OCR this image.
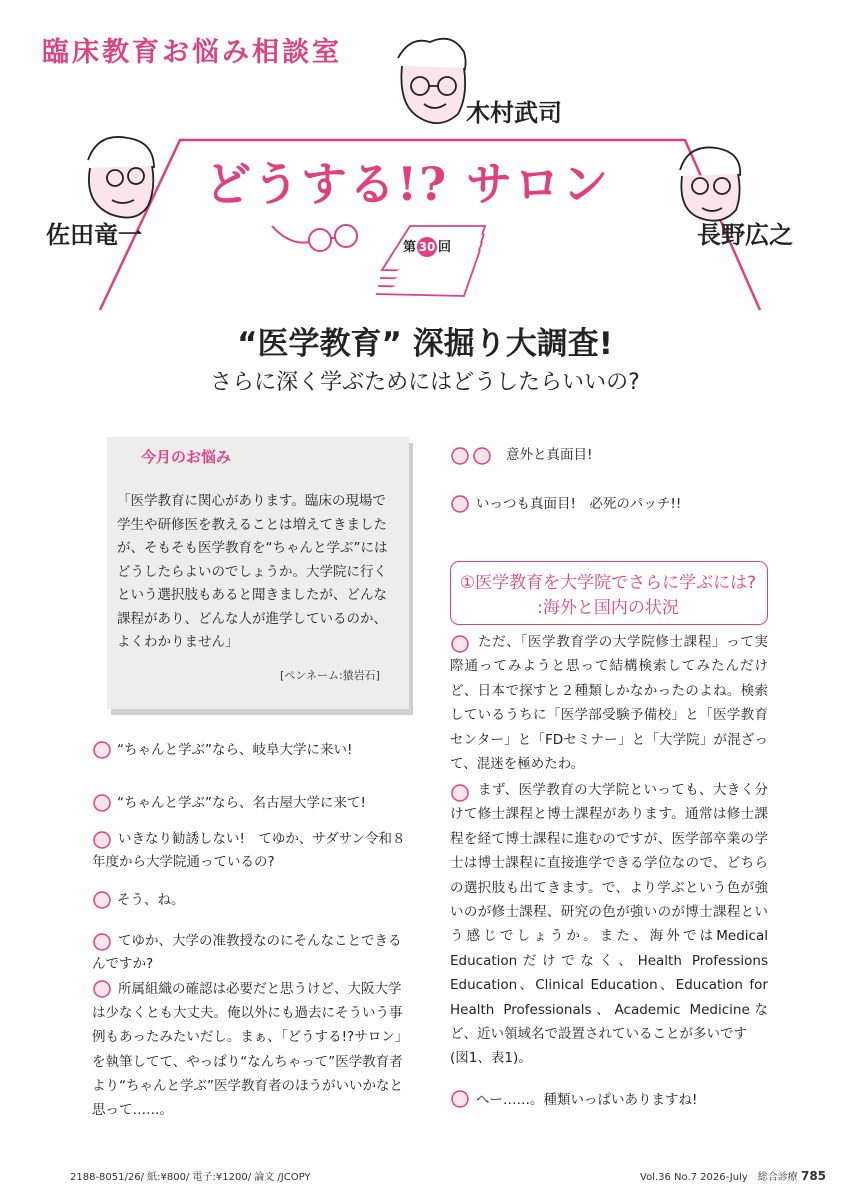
臨床教育お悩み相談室
木村武司
佐田竜一	長野広之
どうする!? サロン
第 30 回
“医学教育” 深掘り大調査!
さらに深く学ぶためにはどうしたらいいの?
今月のお悩み
「医学教育に関心があります。臨床の現場で学生や研修医を教えることは増えてきましたが、そもそも医学教育を“ちゃんと学ぶ”にはどうしたらよいのでしょうか。大学院に行くという選択肢もあると聞きましたが、どんな課程があり、どんな人が進学しているのか、よくわかりません」
[ペンネーム:猿岩石]
“ちゃんと学ぶ”なら、岐阜大学に来い!
“ちゃんと学ぶ”なら、名古屋大学に来て!
いきなり勧誘しない!　てゆか、サダサン令和８年度から大学院通っているの?
そう、ね。
てゆか、大学の准教授なのにそんなことできるんですか?
所属組織の確認は必要だと思うけど、大阪大学は少なくとも大丈夫。俺以外にも過去にそういう事例もあったみたいだし。まぁ、「どうする!?サロン」を執筆してて、やっぱり“なんちゃって”医学教育者より“ちゃんと学ぶ”医学教育者のほうがいいかなと思って……。
意外と真面目!
いっつも真面目!　必死のパッチ!!
①医学教育を大学院でさらに学ぶには?
:海外と国内の状況
ただ、「医学教育学の大学院修士課程」って実際通ってみようと思って結構検索してみたんだけど、日本で探すと２種類しかなかったのよね。検索しているうちに「医学部受験予備校」と「医学教育センター」と「FDセミナー」と「大学院」が混ざって、混迷を極めたわ。
まず、医学教育の大学院といっても、大きく分けて修士課程と博士課程があります。通常は修士課程を経て博士課程に進むのですが、医学部卒業の学士は博士課程に直接進学できる学位なので、どちらの選択肢も出てきます。で、より学ぶという色が強いのが修士課程、研究の色が強いのが博士課程という感じでしょうか。また、海外ではMedical Educationだけでなく、Health Professions Education、Clinical Education、Education for Health Professionals、Academic Medicineなど、近い領域名で設置されていることが多いです
(図1、表1)。
へー……。種類いっぱいありますね!
2188-8051/26/ 紙:¥800/ 電子:¥1200/ 論文 /JCOPY	Vol.36 No.7 2026-July　総合診療 785
